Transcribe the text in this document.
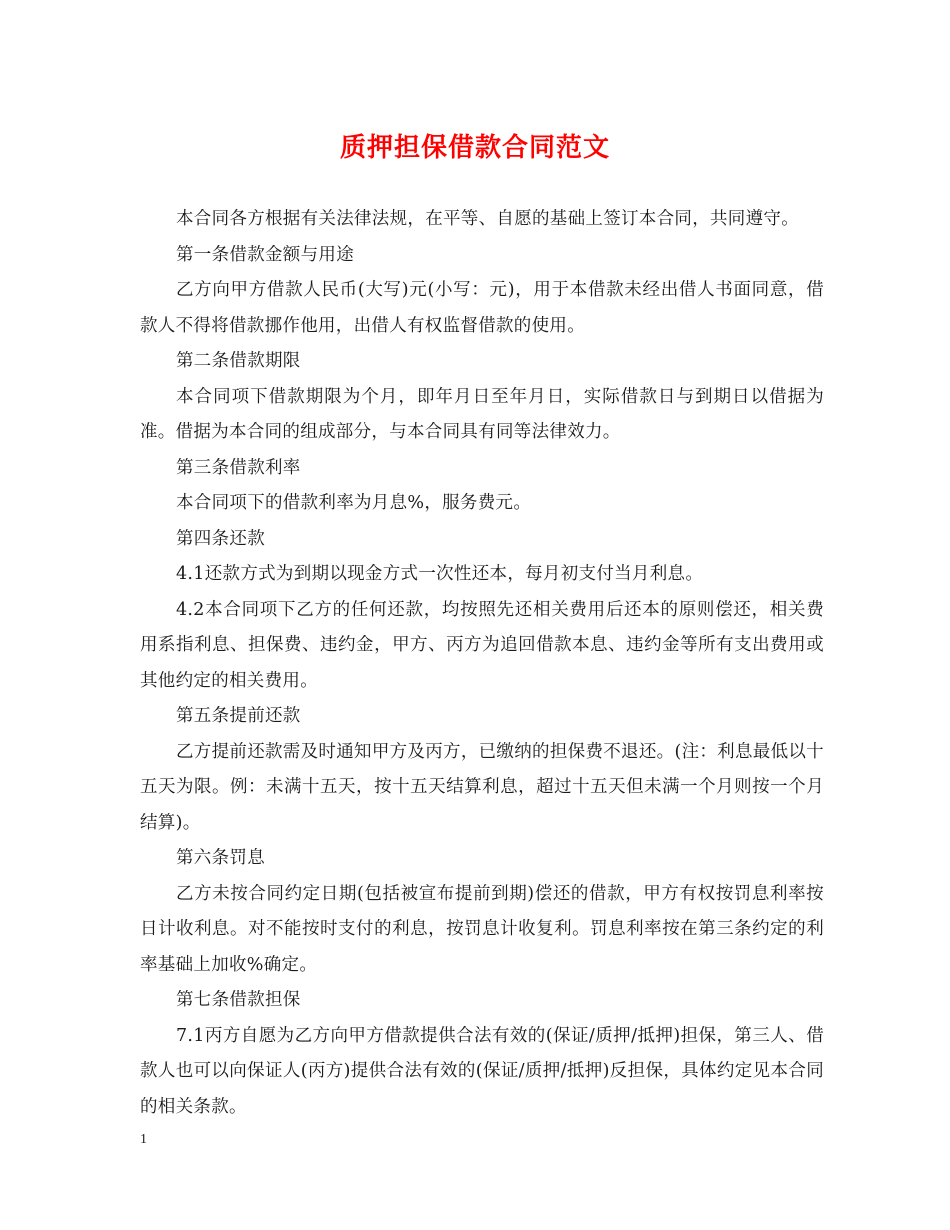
质押担保借款合同范文

本合同各方根据有关法律法规，在平等、自愿的基础上签订本合同，共同遵守。

第一条借款金额与用途

乙方向甲方借款人民币(大写)元(小写：元)，用于本借款未经出借人书面同意，借款人不得将借款挪作他用，出借人有权监督借款的使用。

第二条借款期限

本合同项下借款期限为个月，即年月日至年月日，实际借款日与到期日以借据为准。借据为本合同的组成部分，与本合同具有同等法律效力。

第三条借款利率

本合同项下的借款利率为月息%，服务费元。

第四条还款

4.1还款方式为到期以现金方式一次性还本，每月初支付当月利息。

4.2本合同项下乙方的任何还款，均按照先还相关费用后还本的原则偿还，相关费用系指利息、担保费、违约金，甲方、丙方为追回借款本息、违约金等所有支出费用或其他约定的相关费用。

第五条提前还款

乙方提前还款需及时通知甲方及丙方，已缴纳的担保费不退还。(注：利息最低以十五天为限。例：未满十五天，按十五天结算利息，超过十五天但未满一个月则按一个月结算)。

第六条罚息

乙方未按合同约定日期(包括被宣布提前到期)偿还的借款，甲方有权按罚息利率按日计收利息。对不能按时支付的利息，按罚息计收复利。罚息利率按在第三条约定的利率基础上加收%确定。

第七条借款担保

7.1丙方自愿为乙方向甲方借款提供合法有效的(保证/质押/抵押)担保，第三人、借款人也可以向保证人(丙方)提供合法有效的(保证/质押/抵押)反担保，具体约定见本合同的相关条款。

1
